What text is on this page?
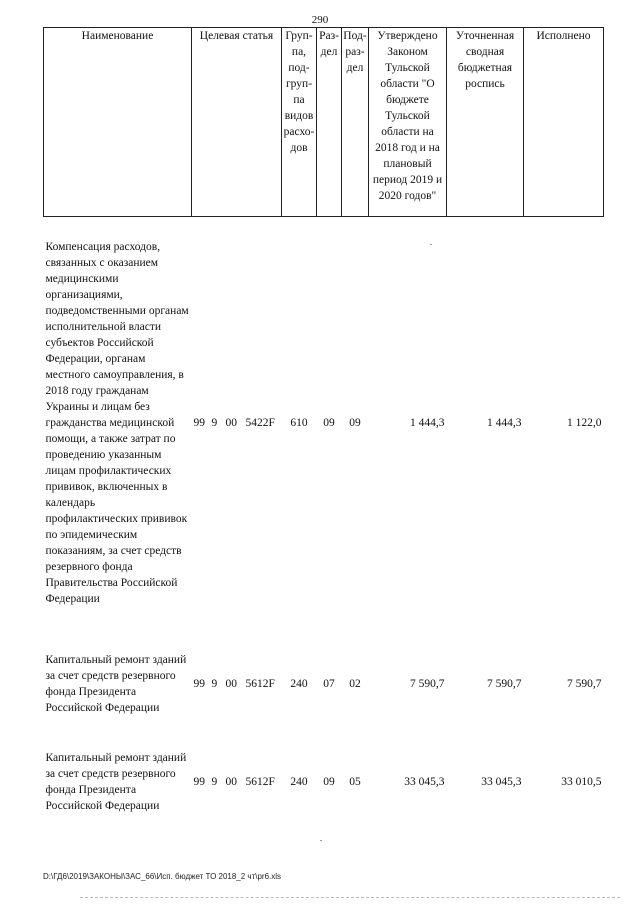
290
Наименование	Целевая статья	Груп-па, под-груп-па видов расхо-дов	Раз-дел	Под-раз-дел	Утверждено Законом Тульской области "О бюджете Тульской области на 2018 год и на плановый период 2019 и 2020 годов"	Уточненная сводная бюджетная роспись	Исполнено
Компенсация расходов, связанных с оказанием медицинскими организациями, подведомственными органам исполнительной власти субъектов Российской Федерации, органам местного самоуправления, в 2018 году гражданам Украины и лицам без гражданства медицинской помощи, а также затрат по проведению указанным лицам профилактических прививок, включенных в календарь профилактических прививок по эпидемическим показаниям, за счет средств резервного фонда Правительства Российской Федерации	99 9 00 5422F	610	09	09	1 444,3	1 444,3	1 122,0
Капитальный ремонт зданий за счет средств резервного фонда Президента Российской Федерации	99 9 00 5612F	240	07	02	7 590,7	7 590,7	7 590,7
Капитальный ремонт зданий за счет средств резервного фонда Президента Российской Федерации	99 9 00 5612F	240	09	05	33 045,3	33 045,3	33 010,5
D:\ГД6\2019\ЗАКОНЫ\ЗАС_66\Исп. бюджет ТО 2018_2 чт\pr6.xls
